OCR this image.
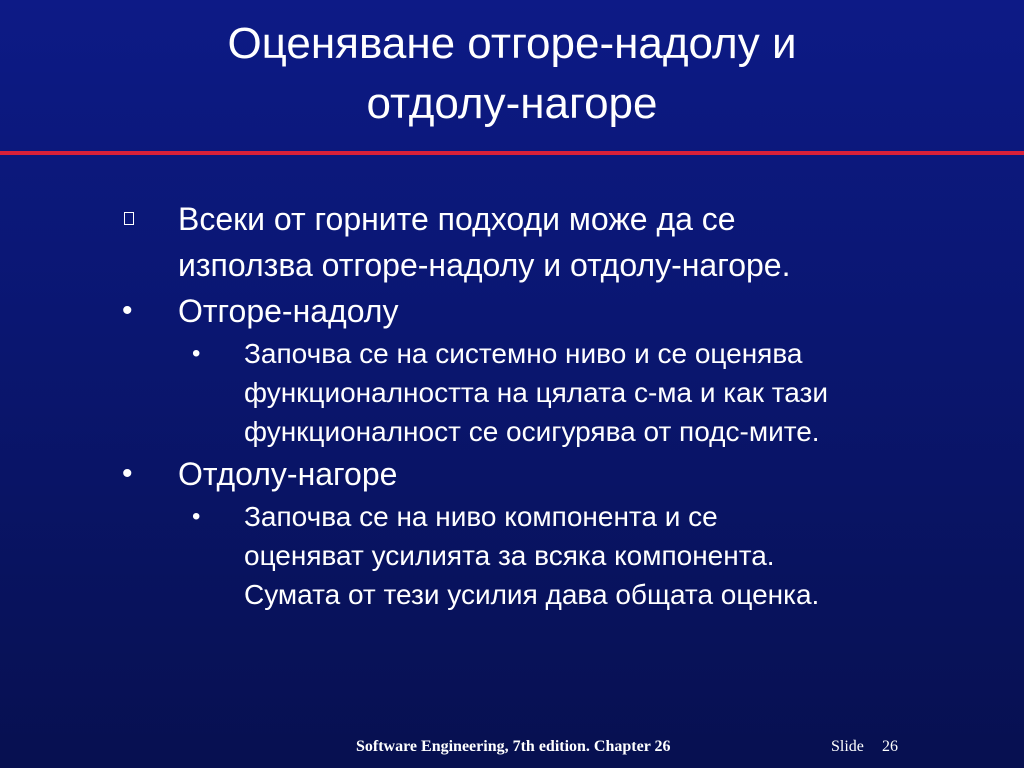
Оценяване отгоре-надолу и
отдолу-нагоре
Всеки от горните подходи може да се
използва отгоре-надолу и отдолу-нагоре.
• Отгоре-надолу
• Започва се на системно ниво и се оценява
функционалността на цялата с-ма и как тази
функционалност се осигурява от подс-мите.
• Отдолу-нагоре
• Започва се на ниво компонента и се
оценяват усилията за всяка компонента.
Сумата от тези усилия дава общата оценка.
Software Engineering, 7th edition. Chapter 26	Slide 26
